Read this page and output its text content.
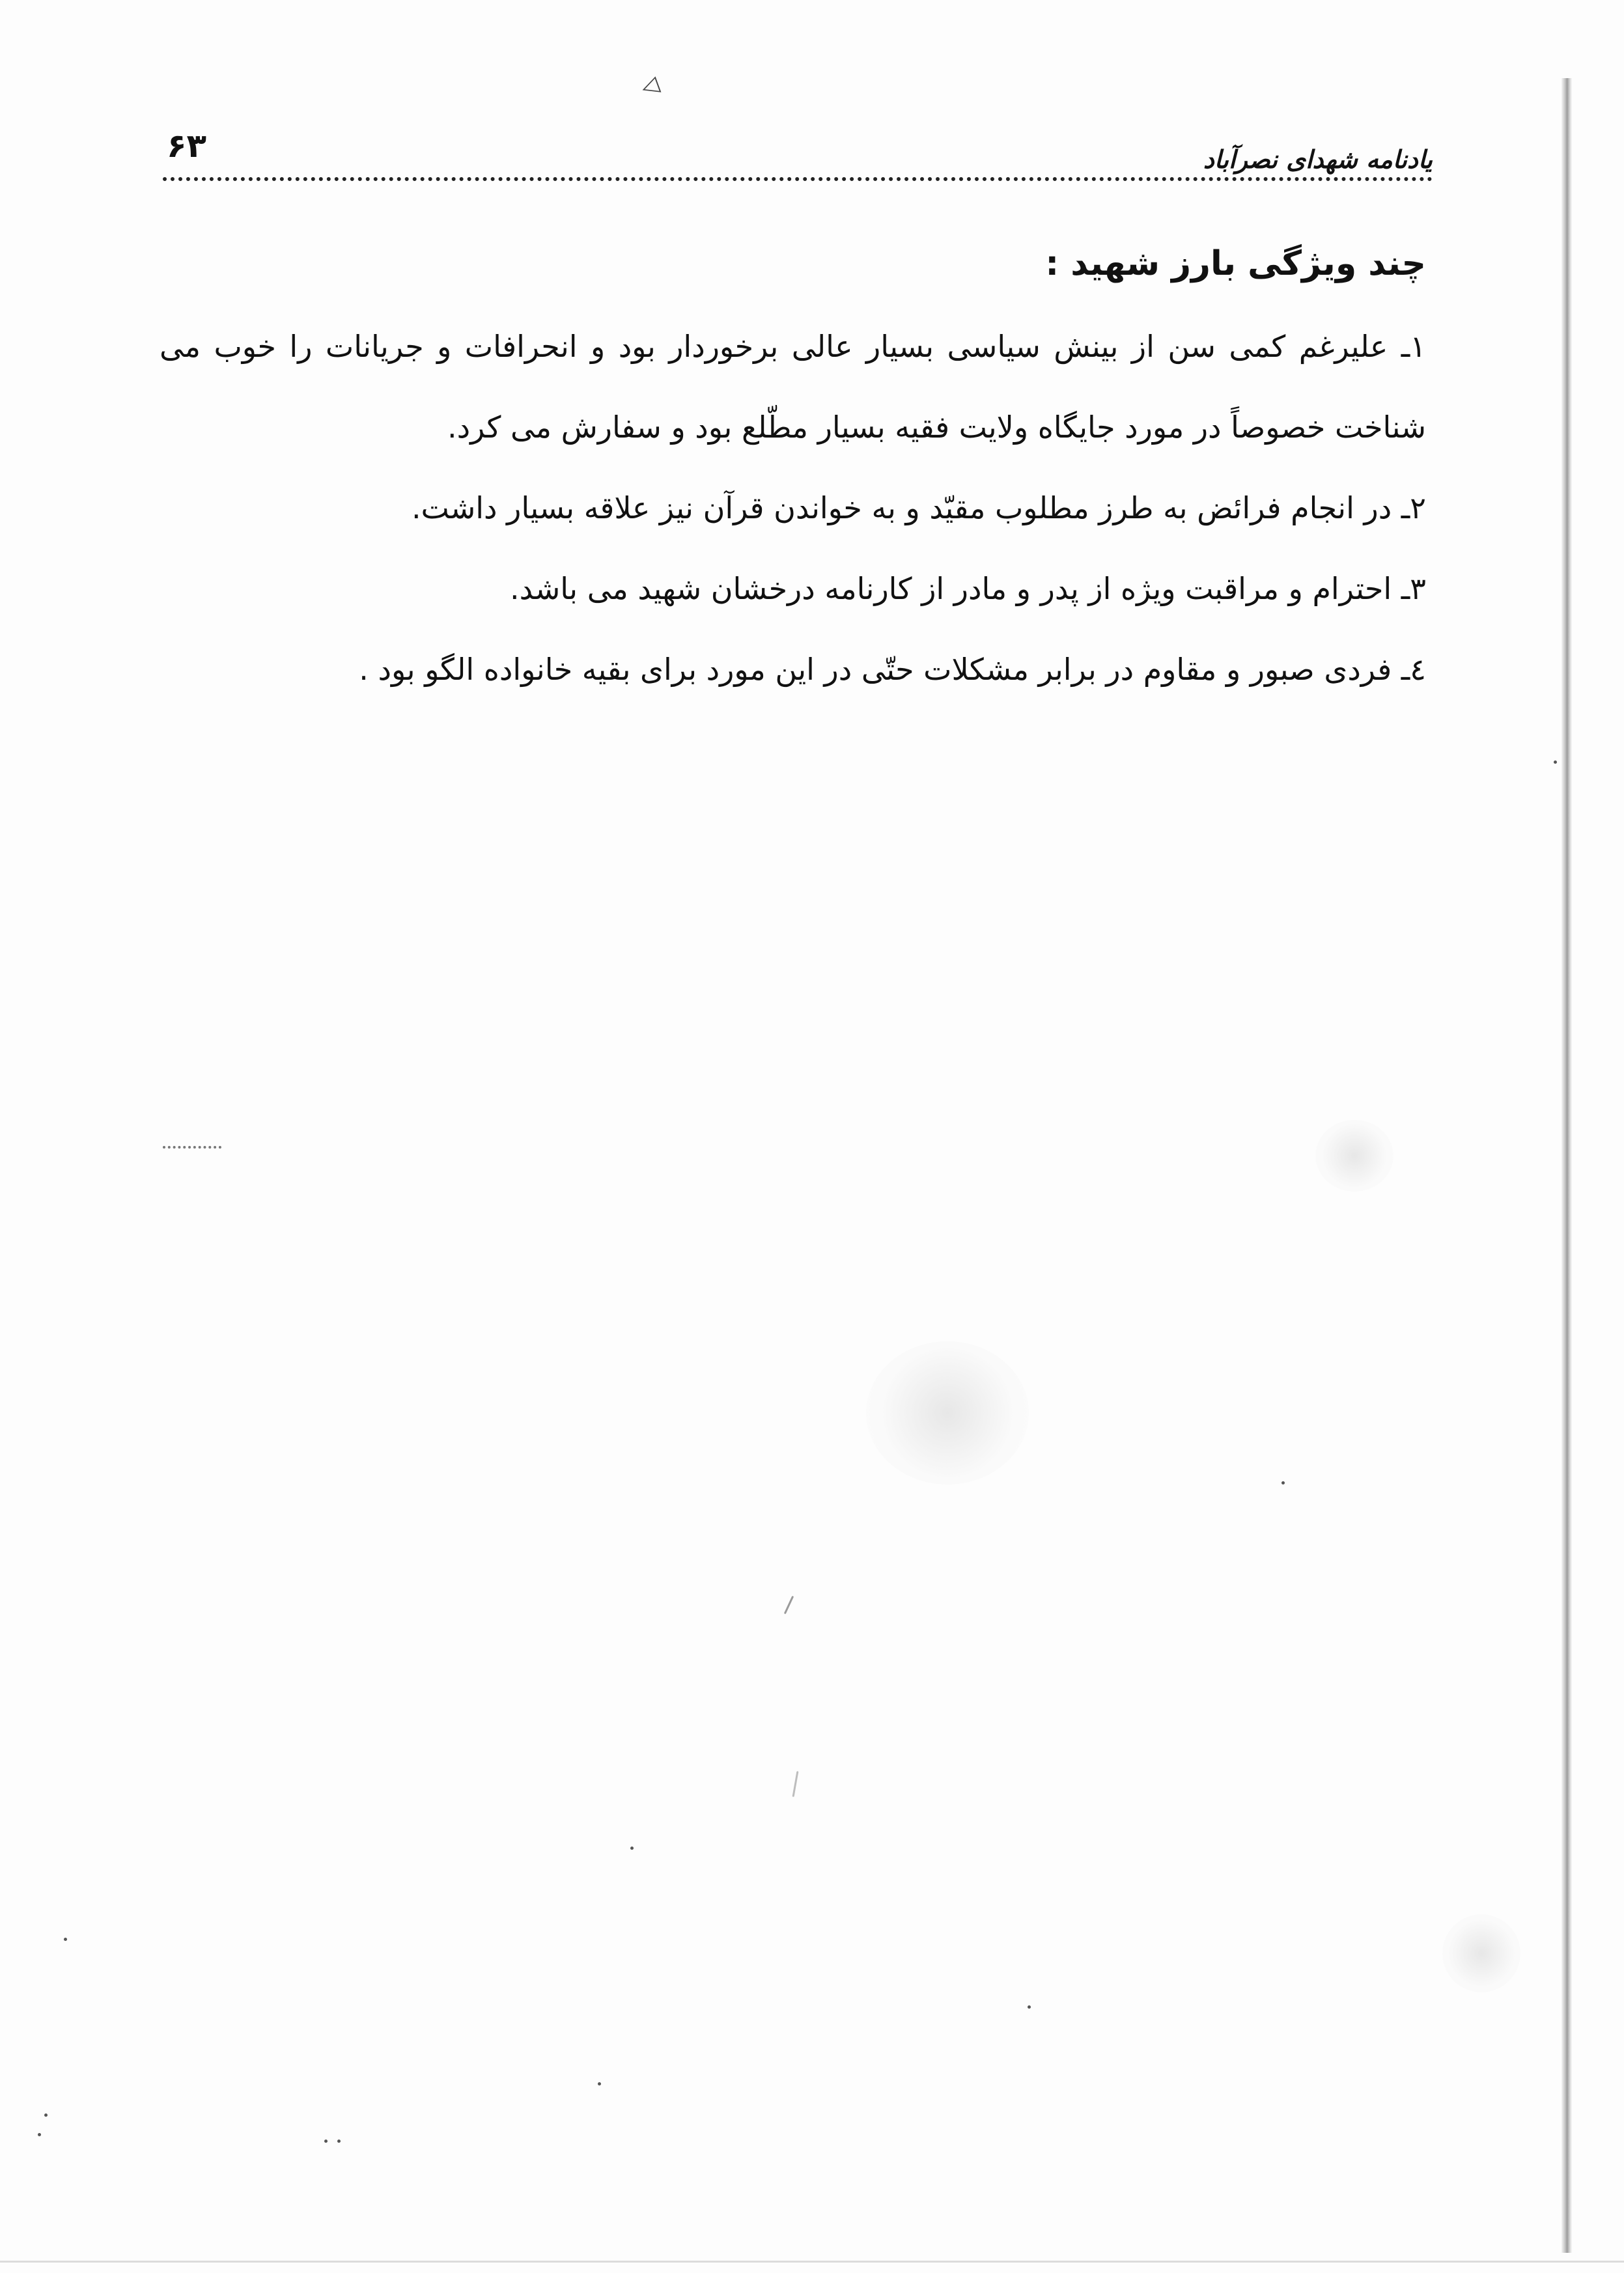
۶۳	یادنامه شهدای نصرآباد
چند ویژگی بارز شهید :

١ـ علیرغم کمی سن از بینش سیاسی بسیار عالی برخوردار بود و انحرافات و جریانات را خوب می شناخت خصوصاً در مورد جایگاه ولایت فقیه بسیار مطّلع بود و سفارش می کرد.

٢ـ در انجام فرائض به طرز مطلوب مقیّد و به خواندن قرآن نیز علاقه بسیار داشت.

٣ـ احترام و مراقبت ویژه از پدر و مادر از کارنامه درخشان شهید می باشد.

٤ـ فردی صبور و مقاوم در برابر مشکلات حتّی در این مورد برای بقیه خانواده الگو بود .

◁
